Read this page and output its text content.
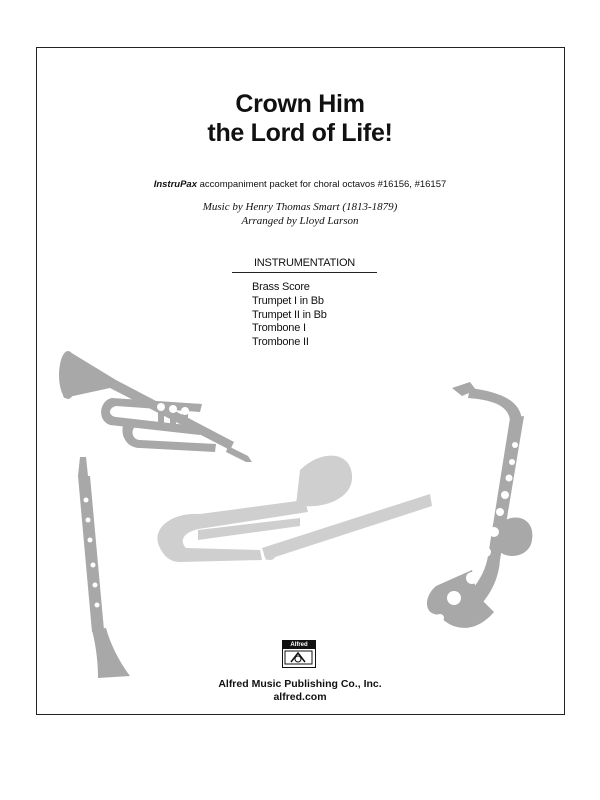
Crown Him
the Lord of Life!
InstruPax accompaniment packet for choral octavos #16156, #16157
Music by Henry Thomas Smart (1813-1879)
Arranged by Lloyd Larson
INSTRUMENTATION
Brass Score
Trumpet I in Bb
Trumpet II in Bb
Trombone I
Trombone II
Alfred
Alfred Music Publishing Co., Inc.
alfred.com
